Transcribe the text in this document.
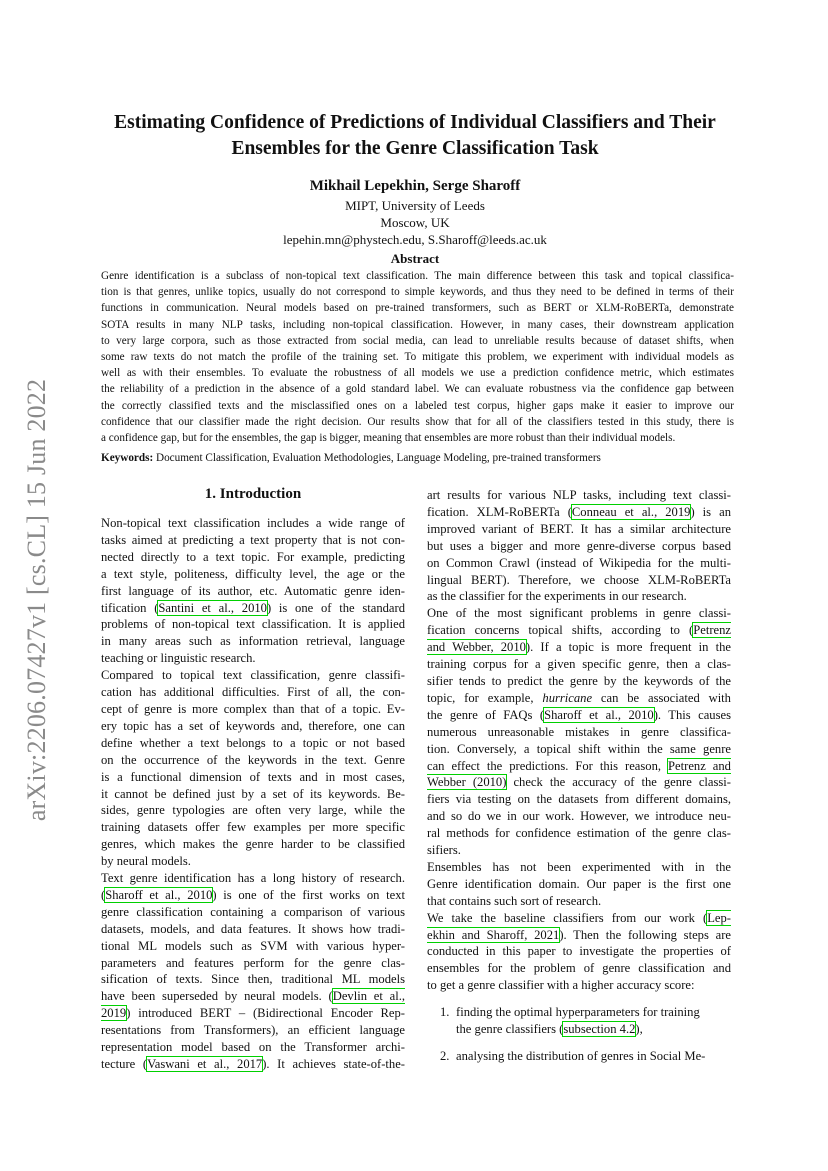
arXiv:2206.07427v1 [cs.CL] 15 Jun 2022
Estimating Confidence of Predictions of Individual Classifiers and Their
Ensembles for the Genre Classification Task
Mikhail Lepekhin, Serge Sharoff
MIPT, University of Leeds
Moscow, UK
lepehin.mn@phystech.edu, S.Sharoff@leeds.ac.uk
Abstract
Genre identification is a subclass of non-topical text classification. The main difference between this task and topical classifica-
tion is that genres, unlike topics, usually do not correspond to simple keywords, and thus they need to be defined in terms of their
functions in communication. Neural models based on pre-trained transformers, such as BERT or XLM-RoBERTa, demonstrate
SOTA results in many NLP tasks, including non-topical classification. However, in many cases, their downstream application
to very large corpora, such as those extracted from social media, can lead to unreliable results because of dataset shifts, when
some raw texts do not match the profile of the training set. To mitigate this problem, we experiment with individual models as
well as with their ensembles. To evaluate the robustness of all models we use a prediction confidence metric, which estimates
the reliability of a prediction in the absence of a gold standard label. We can evaluate robustness via the confidence gap between
the correctly classified texts and the misclassified ones on a labeled test corpus, higher gaps make it easier to improve our
confidence that our classifier made the right decision. Our results show that for all of the classifiers tested in this study, there is
a confidence gap, but for the ensembles, the gap is bigger, meaning that ensembles are more robust than their individual models.
Keywords: Document Classification, Evaluation Methodologies, Language Modeling, pre-trained transformers
1. Introduction
Non-topical text classification includes a wide range of
tasks aimed at predicting a text property that is not con-
nected directly to a text topic. For example, predicting
a text style, politeness, difficulty level, the age or the
first language of its author, etc. Automatic genre iden-
tification (Santini et al., 2010) is one of the standard
problems of non-topical text classification. It is applied
in many areas such as information retrieval, language
teaching or linguistic research.
Compared to topical text classification, genre classifi-
cation has additional difficulties. First of all, the con-
cept of genre is more complex than that of a topic. Ev-
ery topic has a set of keywords and, therefore, one can
define whether a text belongs to a topic or not based
on the occurrence of the keywords in the text. Genre
is a functional dimension of texts and in most cases,
it cannot be defined just by a set of its keywords. Be-
sides, genre typologies are often very large, while the
training datasets offer few examples per more specific
genres, which makes the genre harder to be classified
by neural models.
Text genre identification has a long history of research.
(Sharoff et al., 2010) is one of the first works on text
genre classification containing a comparison of various
datasets, models, and data features. It shows how tradi-
tional ML models such as SVM with various hyper-
parameters and features perform for the genre clas-
sification of texts. Since then, traditional ML models
have been superseded by neural models. (Devlin et al.,
2019) introduced BERT – (Bidirectional Encoder Rep-
resentations from Transformers), an efficient language
representation model based on the Transformer archi-
tecture (Vaswani et al., 2017). It achieves state-of-the-
art results for various NLP tasks, including text classi-
fication. XLM-RoBERTa (Conneau et al., 2019) is an
improved variant of BERT. It has a similar architecture
but uses a bigger and more genre-diverse corpus based
on Common Crawl (instead of Wikipedia for the multi-
lingual BERT). Therefore, we choose XLM-RoBERTa
as the classifier for the experiments in our research.
One of the most significant problems in genre classi-
fication concerns topical shifts, according to (Petrenz
and Webber, 2010). If a topic is more frequent in the
training corpus for a given specific genre, then a clas-
sifier tends to predict the genre by the keywords of the
topic, for example, hurricane can be associated with
the genre of FAQs (Sharoff et al., 2010). This causes
numerous unreasonable mistakes in genre classifica-
tion. Conversely, a topical shift within the same genre
can effect the predictions. For this reason, Petrenz and
Webber (2010) check the accuracy of the genre classi-
fiers via testing on the datasets from different domains,
and so do we in our work. However, we introduce neu-
ral methods for confidence estimation of the genre clas-
sifiers.
Ensembles has not been experimented with in the
Genre identification domain. Our paper is the first one
that contains such sort of research.
We take the baseline classifiers from our work (Lep-
ekhin and Sharoff, 2021). Then the following steps are
conducted in this paper to investigate the properties of
ensembles for the problem of genre classification and
to get a genre classifier with a higher accuracy score:
1. finding the optimal hyperparameters for training
the genre classifiers (subsection 4.2),
2. analysing the distribution of genres in Social Me-
